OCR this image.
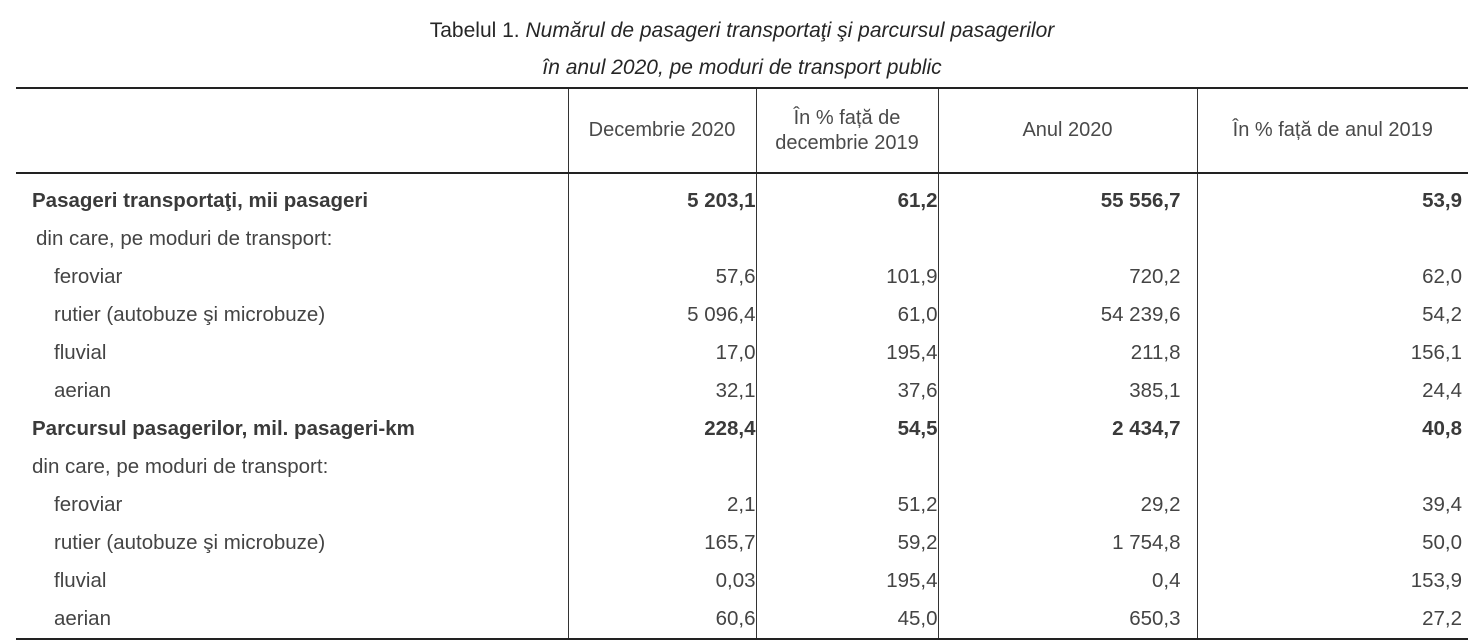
Tabelul 1. Numărul de pasageri transportaţi şi parcursul pasagerilor
în anul 2020, pe moduri de transport public
	Decembrie 2020	În % față de decembrie 2019	Anul 2020	În % față de anul 2019
Pasageri transportaţi, mii pasageri	5 203,1	61,2	55 556,7	53,9
din care, pe moduri de transport:				
feroviar	57,6	101,9	720,2	62,0
rutier (autobuze şi microbuze)	5 096,4	61,0	54 239,6	54,2
fluvial	17,0	195,4	211,8	156,1
aerian	32,1	37,6	385,1	24,4
Parcursul pasagerilor, mil. pasageri-km	228,4	54,5	2 434,7	40,8
din care, pe moduri de transport:				
feroviar	2,1	51,2	29,2	39,4
rutier (autobuze şi microbuze)	165,7	59,2	1 754,8	50,0
fluvial	0,03	195,4	0,4	153,9
aerian	60,6	45,0	650,3	27,2
